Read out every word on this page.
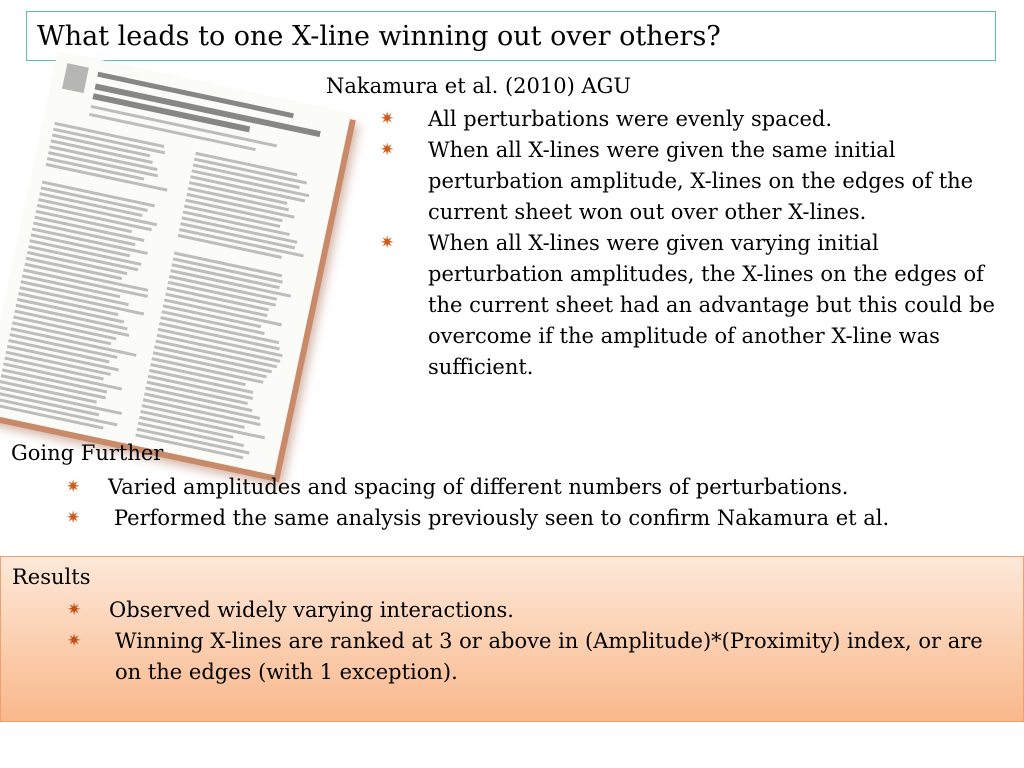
What leads to one X-line winning out over others?
Nakamura et al. (2010) AGU
✷ All perturbations were evenly spaced.
✷ When all X-lines were given the same initial perturbation amplitude, X-lines on the edges of the current sheet won out over other X-lines.
✷ When all X-lines were given varying initial perturbation amplitudes, the X-lines on the edges of the current sheet had an advantage but this could be overcome if the amplitude of another X-line was sufficient.
Going Further
✷ Varied amplitudes and spacing of different numbers of perturbations.
✷ Performed the same analysis previously seen to confirm Nakamura et al.
Results
✷ Observed widely varying interactions.
✷ Winning X-lines are ranked at 3 or above in (Amplitude)*(Proximity) index, or are on the edges (with 1 exception).
